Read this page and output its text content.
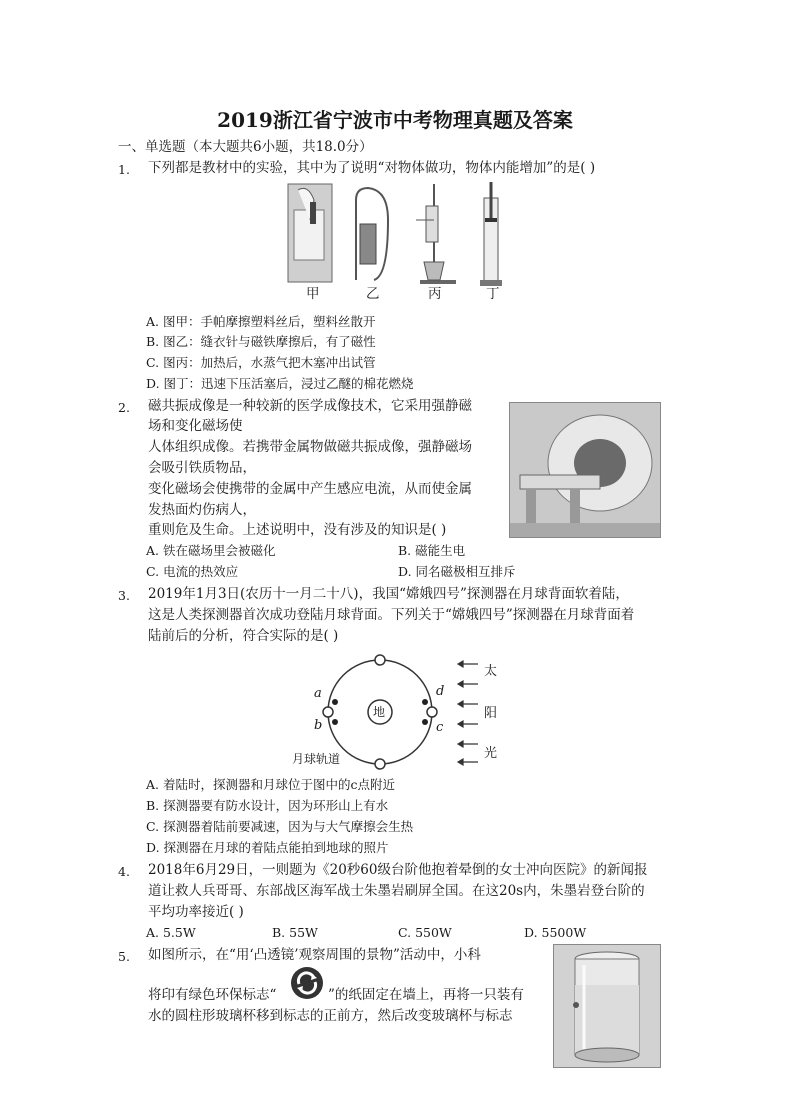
2019浙江省宁波市中考物理真题及答案
一、单选题（本大题共6小题，共18.0分）
1. 下列都是教材中的实验，其中为了说明“对物体做功，物体内能增加”的是( )
甲	乙	丙	丁
A. 图甲：手帕摩擦塑料丝后，塑料丝散开
B. 图乙：缝衣针与磁铁摩擦后，有了磁性
C. 图丙：加热后，水蒸气把木塞冲出试管
D. 图丁：迅速下压活塞后，浸过乙醚的棉花燃烧
2. 磁共振成像是一种较新的医学成像技术，它采用强静磁
场和变化磁场使
人体组织成像。若携带金属物做磁共振成像，强静磁场
会吸引铁质物品，
变化磁场会使携带的金属中产生感应电流，从而使金属
发热面灼伤病人，
重则危及生命。上述说明中，没有涉及的知识是( )
A. 铁在磁场里会被磁化	B. 磁能生电
C. 电流的热效应	D. 同名磁极相互排斥
3. 2019年1月3日(农历十一月二十八)，我国“嫦娥四号”探测器在月球背面软着陆，
这是人类探测器首次成功登陆月球背面。下列关于“嫦娥四号”探测器在月球背面着
陆前后的分析，符合实际的是( )
地
a
b	c
d
月球轨道
太
阳
光
A. 着陆时，探测器和月球位于图中的c点附近
B. 探测器要有防水设计，因为环形山上有水
C. 探测器着陆前要减速，因为与大气摩擦会生热
D. 探测器在月球的着陆点能拍到地球的照片
4. 2018年6月29日，一则题为《20秒60级台阶他抱着晕倒的女士冲向医院》的新闻报
道让救人兵哥哥、东部战区海军战士朱墨岩刷屏全国。在这20s内，朱墨岩登台阶的
平均功率接近( )
A. 5.5W	B. 55W	C. 550W	D. 5500W
5. 如图所示，在“用‘凸透镜’观察周围的景物”活动中，小科
将印有绿色环保标志“	”的纸固定在墙上，再将一只装有
水的圆柱形玻璃杯移到标志的正前方，然后改变玻璃杯与标志
